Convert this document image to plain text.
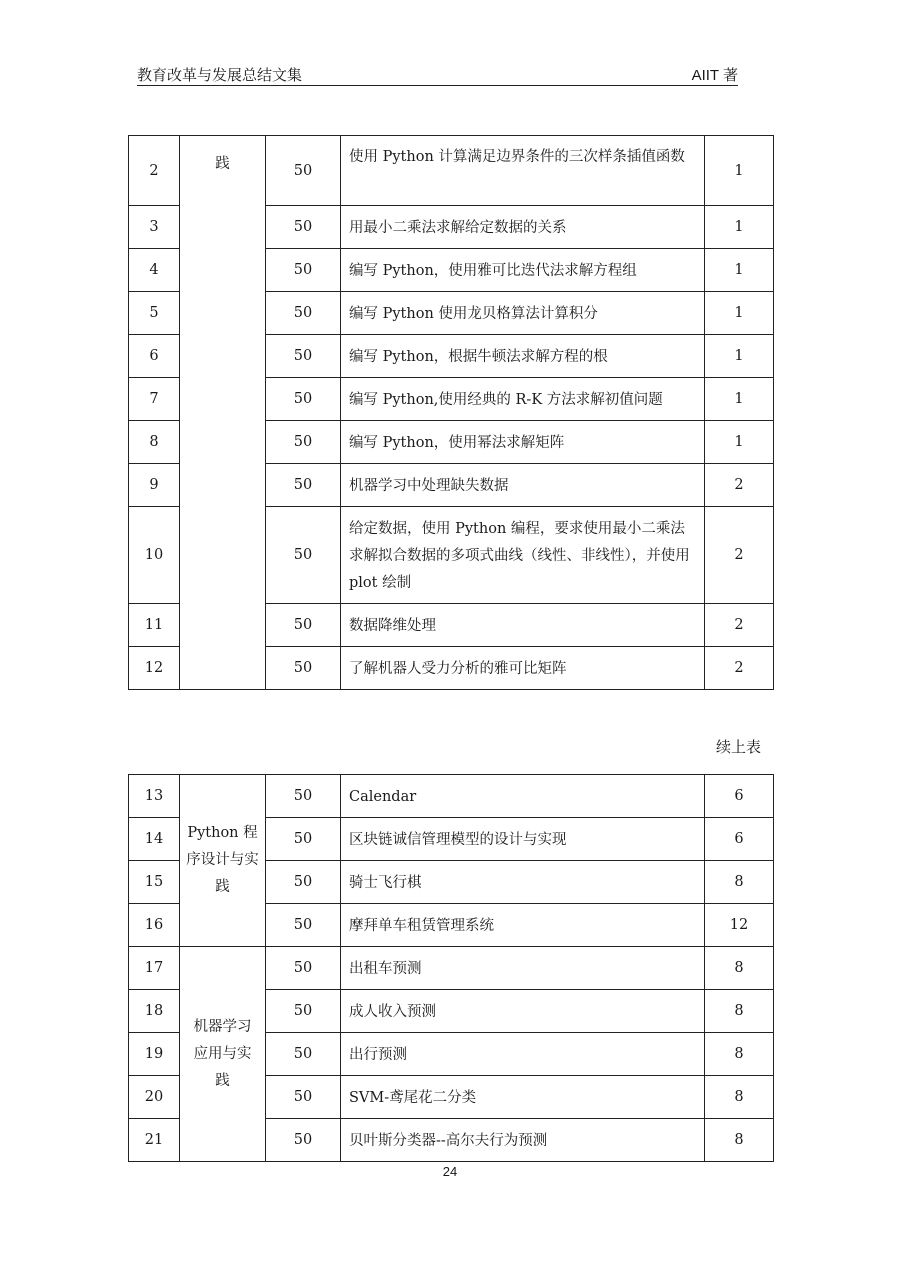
教育改革与发展总结文集	AIIT 著
2	践	50	使用 Python 计算满足边界条件的三次样条插值函数	1
3		50	用最小二乘法求解给定数据的关系	1
4		50	编写 Python，使用雅可比迭代法求解方程组	1
5		50	编写 Python 使用龙贝格算法计算积分	1
6		50	编写 Python，根据牛顿法求解方程的根	1
7		50	编写 Python,使用经典的 R-K 方法求解初值问题	1
8		50	编写 Python，使用幂法求解矩阵	1
9		50	机器学习中处理缺失数据	2
10		50	给定数据，使用 Python 编程，要求使用最小二乘法求解拟合数据的多项式曲线（线性、非线性），并使用 plot 绘制	2
11		50	数据降维处理	2
12		50	了解机器人受力分析的雅可比矩阵	2
续上表
13	Python 程序设计与实践	50	Calendar	6
14		50	区块链诚信管理模型的设计与实现	6
15		50	骑士飞行棋	8
16		50	摩拜单车租赁管理系统	12
17	机器学习应用与实践	50	出租车预测	8
18		50	成人收入预测	8
19		50	出行预测	8
20		50	SVM-鸢尾花二分类	8
21		50	贝叶斯分类器--高尔夫行为预测	8
24
